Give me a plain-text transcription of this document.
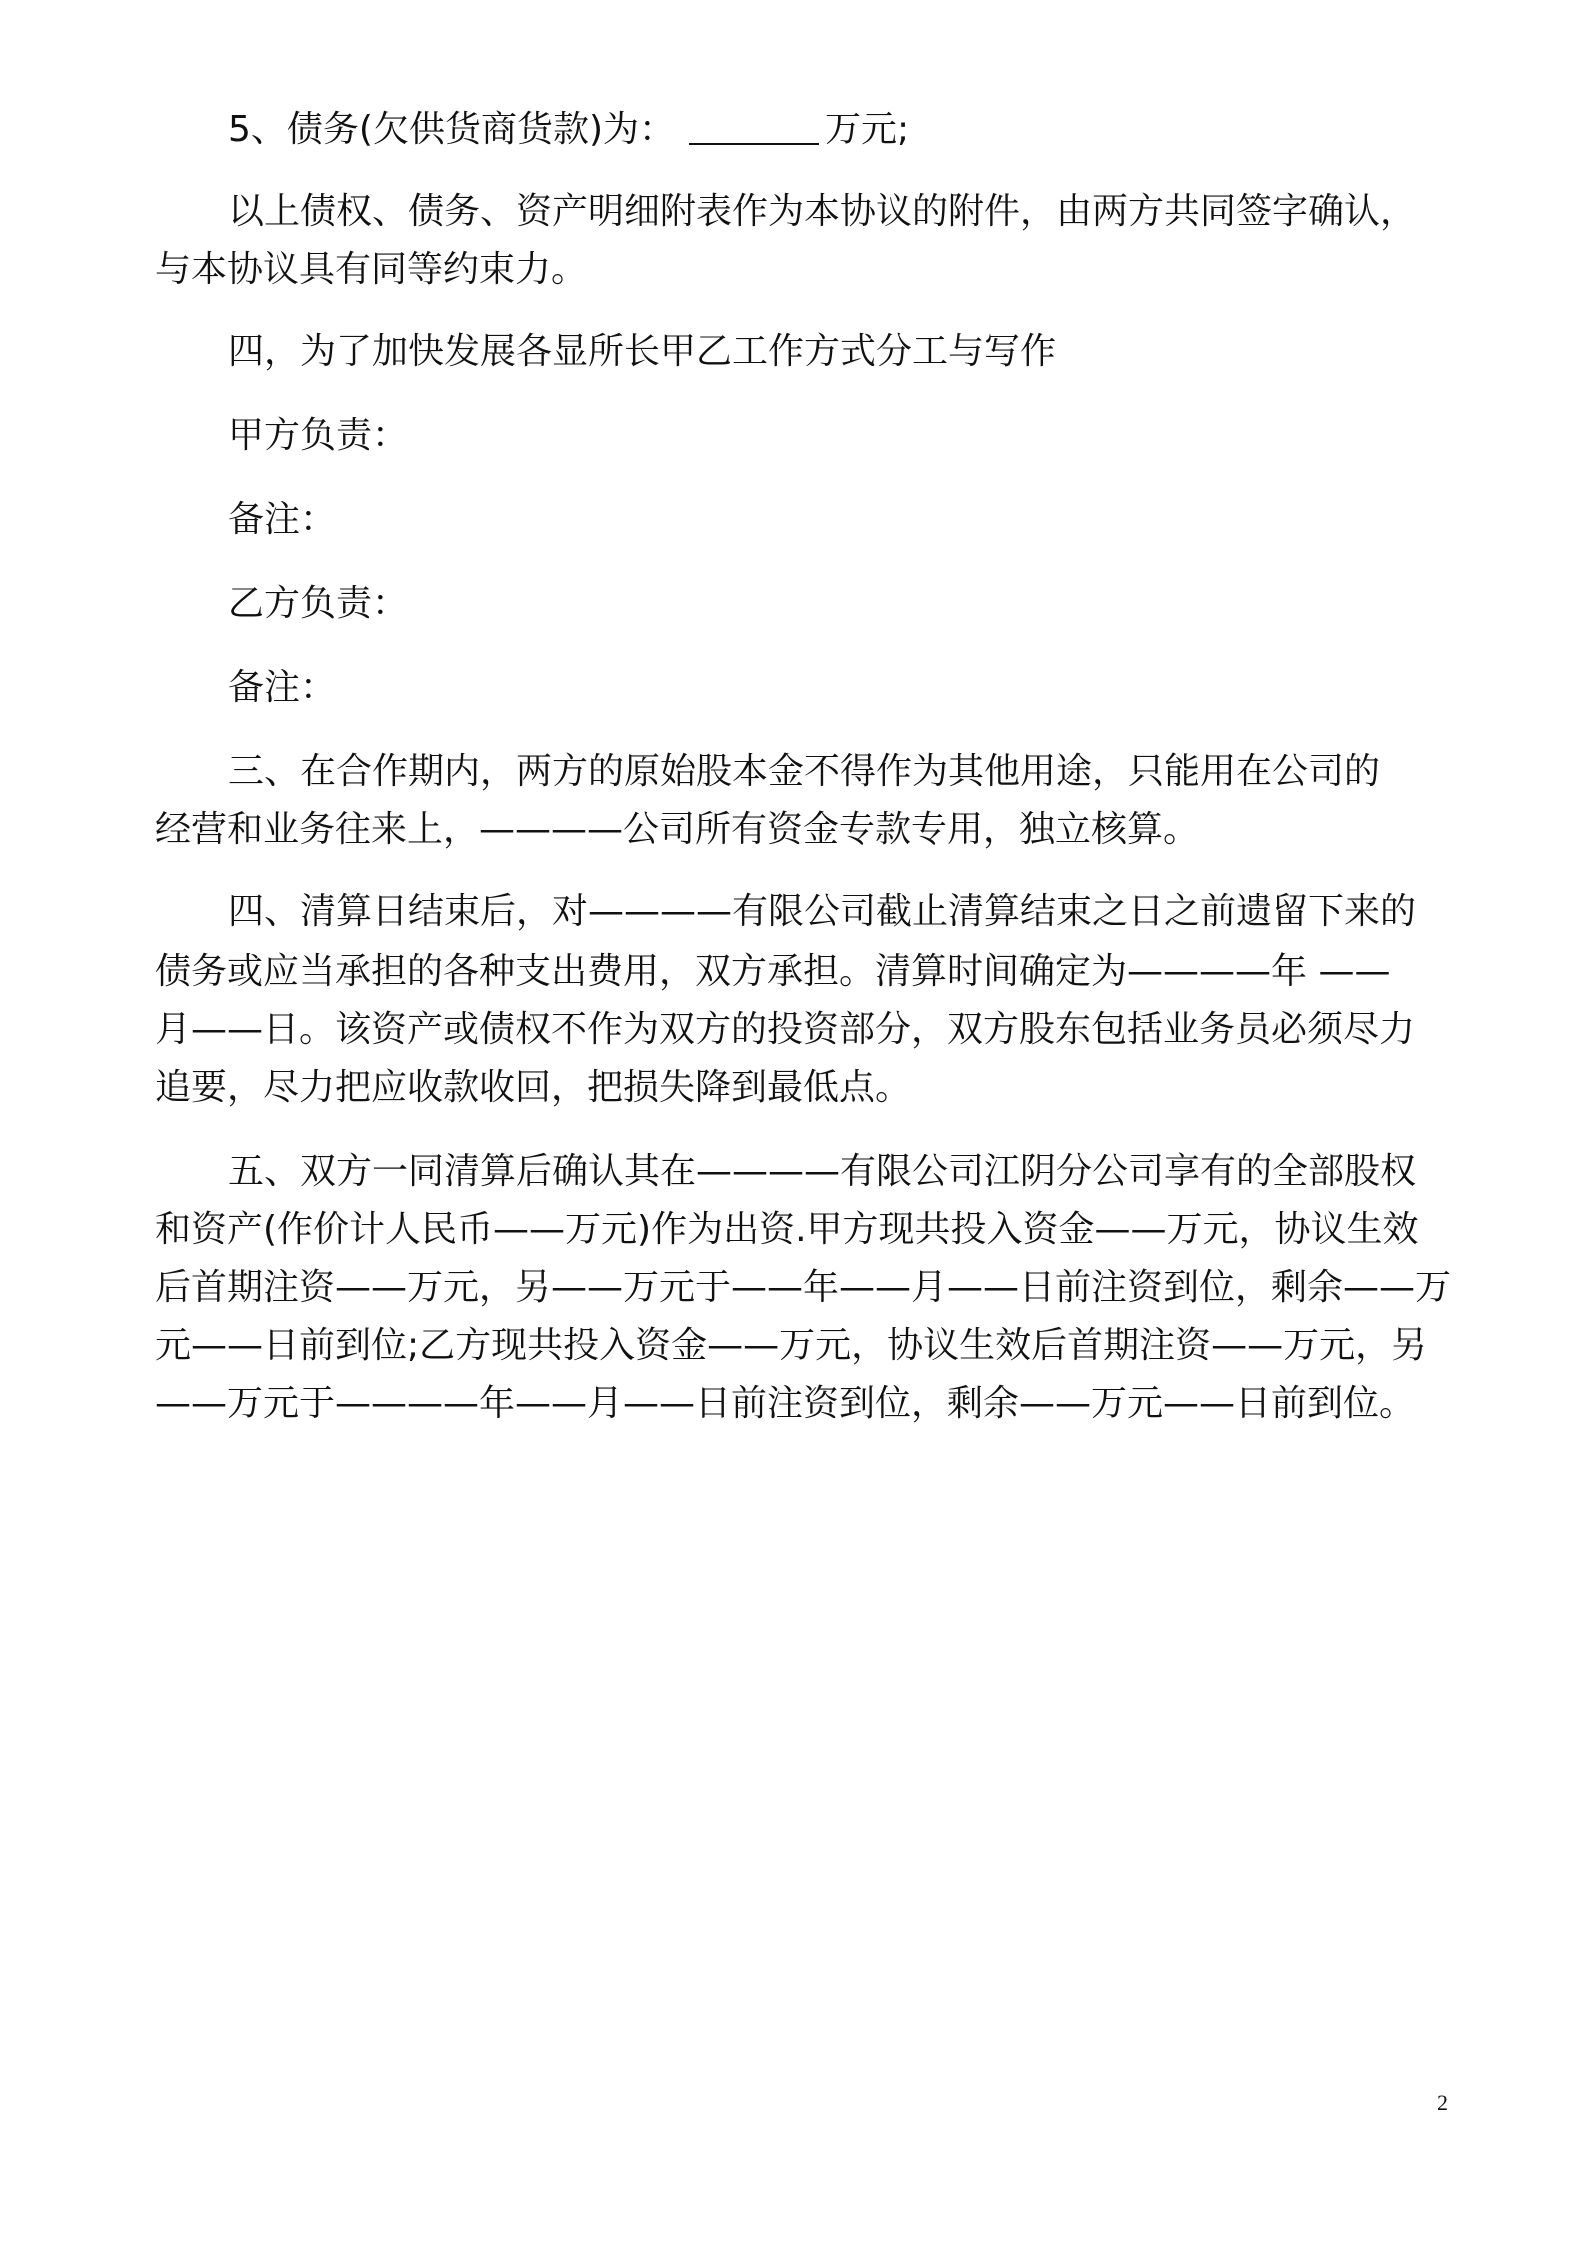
5、债务(欠供货商货款)为：	万元;
以上债权、债务、资产明细附表作为本协议的附件，由两方共同签字确认，
与本协议具有同等约束力。
四，为了加快发展各显所长甲乙工作方式分工与写作
甲方负责：
备注：
乙方负责：
备注：
三、在合作期内，两方的原始股本金不得作为其他用途，只能用在公司的
经营和业务往来上，————公司所有资金专款专用，独立核算。
四、清算日结束后，对————有限公司截止清算结束之日之前遗留下来的
债务或应当承担的各种支出费用，双方承担。清算时间确定为————年 ——
月——日。该资产或债权不作为双方的投资部分，双方股东包括业务员必须尽力
追要，尽力把应收款收回，把损失降到最低点。
五、双方一同清算后确认其在————有限公司江阴分公司享有的全部股权
和资产(作价计人民币——万元)作为出资.甲方现共投入资金——万元，协议生效
后首期注资——万元，另——万元于——年——月——日前注资到位，剩余——万
元——日前到位;乙方现共投入资金——万元，协议生效后首期注资——万元，另
——万元于————年——月——日前注资到位，剩余——万元——日前到位。
2
